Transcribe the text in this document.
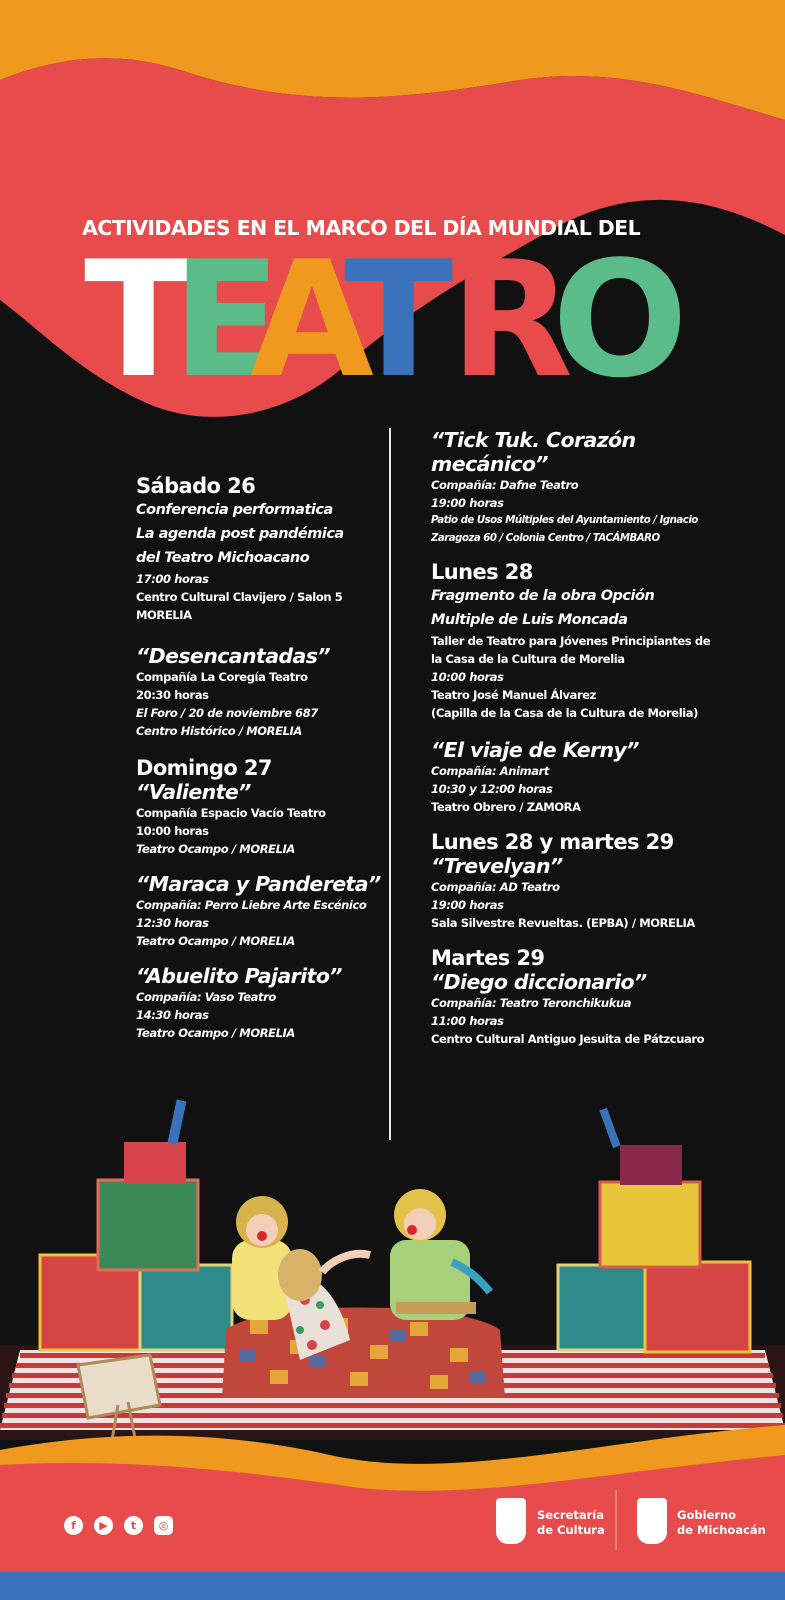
ACTIVIDADES EN EL MARCO DEL DÍA MUNDIAL DEL
T
E
A
T R
O
Sábado 26
Conferencia performatica
La agenda post pandémica
del Teatro Michoacano
17:00 horas
Centro Cultural Clavijero / Salon 5
MORELIA
“Desencantadas”
Compañía La Coregía Teatro
20:30 horas
El Foro / 20 de noviembre 687
Centro Histórico / MORELIA
Domingo 27
“Valiente”
Compañía Espacio Vacío Teatro
10:00 horas
Teatro Ocampo / MORELIA
“Maraca y Pandereta”
Compañía: Perro Liebre Arte Escénico
12:30 horas
Teatro Ocampo / MORELIA
“Abuelito Pajarito”
Compañía: Vaso Teatro
14:30 horas
Teatro Ocampo / MORELIA
“Tick Tuk. Corazón
mecánico”
Compañía: Dafne Teatro
19:00 horas
Patio de Usos Múltiples del Ayuntamiento / Ignacio
Zaragoza 60 / Colonia Centro / TACÁMBARO
Lunes 28
Fragmento de la obra Opción
Multiple de Luis Moncada
Taller de Teatro para Jóvenes Principiantes de
la Casa de la Cultura de Morelia
10:00 horas
Teatro José Manuel Álvarez
(Capilla de la Casa de la Cultura de Morelia)
“El viaje de Kerny”
Compañía: Animart
10:30 y 12:00 horas
Teatro Obrero / ZAMORA
Lunes 28 y martes 29
“Trevelyan”
Compañía: AD Teatro
19:00 horas
Sala Silvestre Revueltas. (EPBA) / MORELIA
Martes 29
“Diego diccionario”
Compañía: Teatro Teronchikukua
11:00 horas
Centro Cultural Antiguo Jesuita de Pátzcuaro
f	▶	t	◎
Secretaría
de Cultura
Gobierno
de Michoacán
